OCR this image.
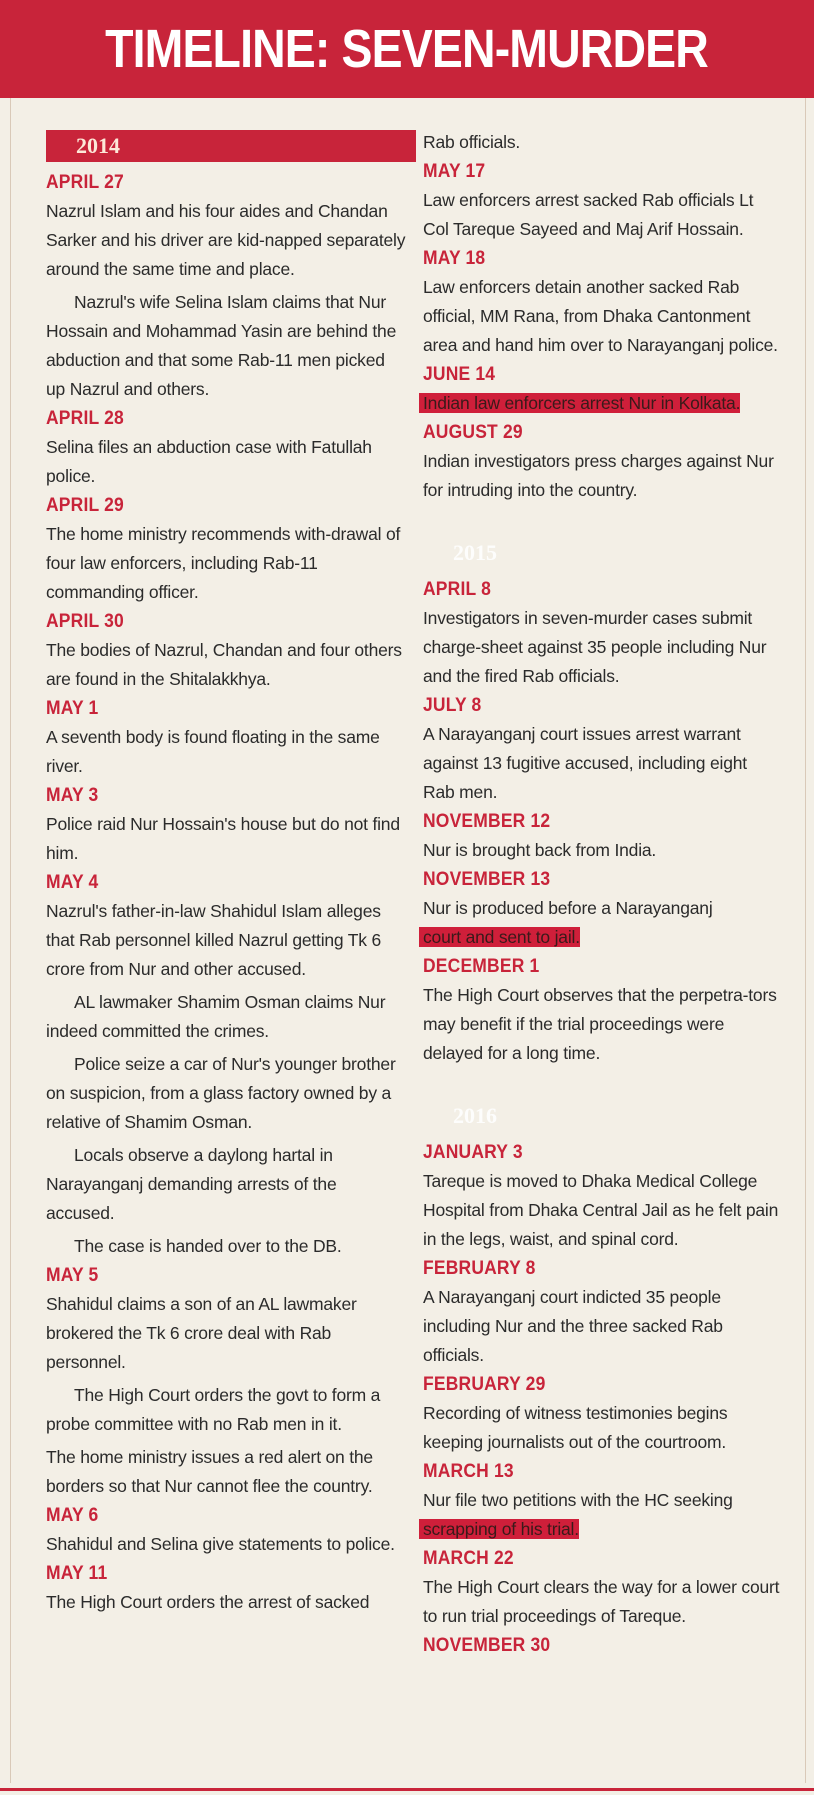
TIMELINE: SEVEN-MURDER
2014
APRIL 27

Nazrul Islam and his four aides and Chandan Sarker and his driver are kid-napped separately around the same time and place.

Nazrul's wife Selina Islam claims that Nur Hossain and Mohammad Yasin are behind the abduction and that some Rab-11 men picked up Nazrul and others.

APRIL 28

Selina files an abduction case with Fatullah police.

APRIL 29

The home ministry recommends with-drawal of four law enforcers, including Rab-11 commanding officer.

APRIL 30

The bodies of Nazrul, Chandan and four others are found in the Shitalakkhya.

MAY 1

A seventh body is found floating in the same river.

MAY 3

Police raid Nur Hossain's house but do not find him.

MAY 4

Nazrul's father-in-law Shahidul Islam alleges that Rab personnel killed Nazrul getting Tk 6 crore from Nur and other accused.

AL lawmaker Shamim Osman claims Nur indeed committed the crimes.

Police seize a car of Nur's younger brother on suspicion, from a glass factory owned by a relative of Shamim Osman.

Locals observe a daylong hartal in Narayanganj demanding arrests of the accused.

The case is handed over to the DB.

MAY 5

Shahidul claims a son of an AL lawmaker brokered the Tk 6 crore deal with Rab personnel.

The High Court orders the govt to form a probe committee with no Rab men in it.

The home ministry issues a red alert on the borders so that Nur cannot flee the country.

MAY 6

Shahidul and Selina give statements to police.

MAY 11

The High Court orders the arrest of sacked

Rab officials.

MAY 17

Law enforcers arrest sacked Rab officials Lt Col Tareque Sayeed and Maj Arif Hossain.

MAY 18

Law enforcers detain another sacked Rab official, MM Rana, from Dhaka Cantonment area and hand him over to Narayanganj police.

JUNE 14

Indian law enforcers arrest Nur in Kolkata.

AUGUST 29

Indian investigators press charges against Nur for intruding into the country.

2015
APRIL 8

Investigators in seven-murder cases submit charge-sheet against 35 people including Nur and the fired Rab officials.

JULY 8

A Narayanganj court issues arrest warrant against 13 fugitive accused, including eight Rab men.

NOVEMBER 12

Nur is brought back from India.

NOVEMBER 13

Nur is produced before a Narayanganj
court and sent to jail.

DECEMBER 1

The High Court observes that the perpetra-tors may benefit if the trial proceedings were delayed for a long time.

2016
JANUARY 3

Tareque is moved to Dhaka Medical College Hospital from Dhaka Central Jail as he felt pain in the legs, waist, and spinal cord.

FEBRUARY 8

A Narayanganj court indicted 35 people including Nur and the three sacked Rab officials.

FEBRUARY 29

Recording of witness testimonies begins keeping journalists out of the courtroom.

MARCH 13

Nur file two petitions with the HC seeking
scrapping of his trial.

MARCH 22

The High Court clears the way for a lower court to run trial proceedings of Tareque.

NOVEMBER 30
